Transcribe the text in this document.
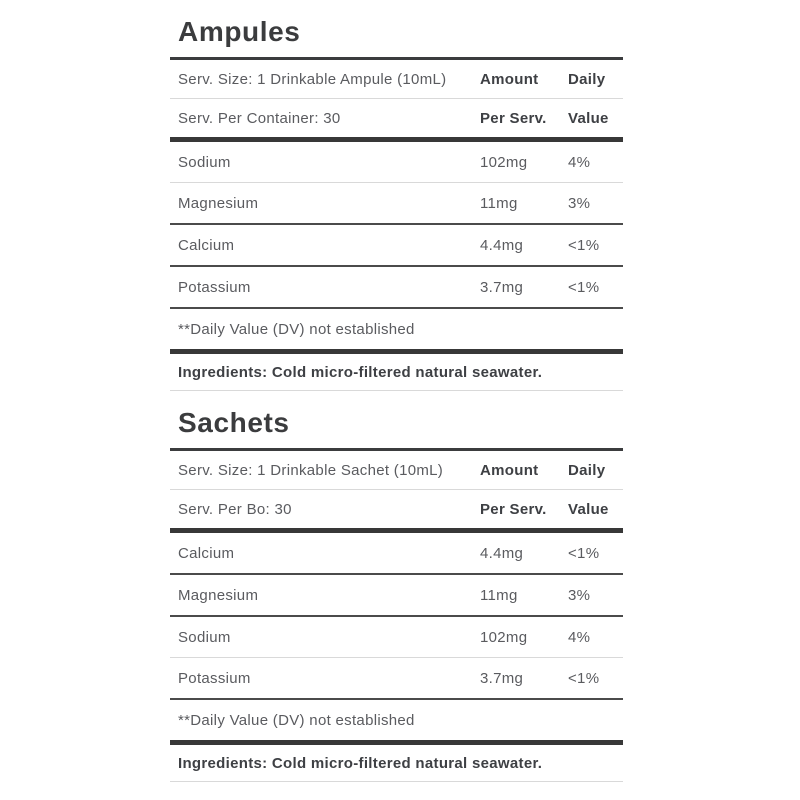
Ampules
Serv. Size: 1 Drinkable Ampule (10mL)	Amount	Daily
Serv. Per Container: 30	Per Serv.	Value
Sodium	102mg	4%
Magnesium	11mg	3%
Calcium	4.4mg	<1%
Potassium	3.7mg	<1%
**Daily Value (DV) not established
Ingredients: Cold micro-filtered natural seawater.
Sachets
Serv. Size: 1 Drinkable Sachet (10mL)	Amount	Daily
Serv. Per Bo: 30	Per Serv.	Value
Calcium	4.4mg	<1%
Magnesium	11mg	3%
Sodium	102mg	4%
Potassium	3.7mg	<1%
**Daily Value (DV) not established
Ingredients: Cold micro-filtered natural seawater.
